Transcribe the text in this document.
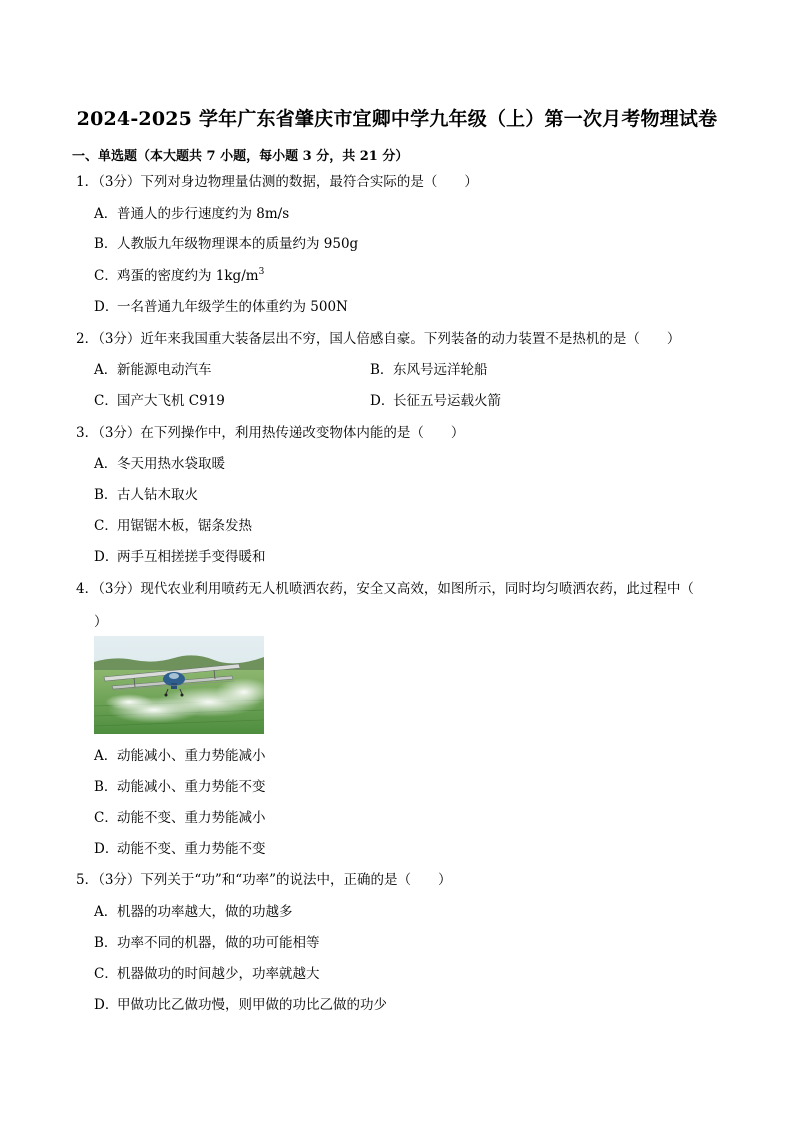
2024-2025 学年广东省肇庆市宜卿中学九年级（上）第一次月考物理试卷
一、单选题（本大题共 7 小题，每小题 3 分，共 21 分）
1．（3分）下列对身边物理量估测的数据，最符合实际的是（　　）
A．普通人的步行速度约为 8m/s
B．人教版九年级物理课本的质量约为 950g
C．鸡蛋的密度约为 $1kg/m^3$
D．一名普通九年级学生的体重约为 500N
2．（3分）近年来我国重大装备层出不穷，国人倍感自豪。下列装备的动力装置不是热机的是（　　）
A．新能源电动汽车	B．东风号远洋轮船
C．国产大飞机 C919	D．长征五号运载火箭
3．（3分）在下列操作中，利用热传递改变物体内能的是（　　）
A．冬天用热水袋取暖
B．古人钻木取火
C．用锯锯木板，锯条发热
D．两手互相搓搓手变得暖和
4．（3分）现代农业利用喷药无人机喷洒农药，安全又高效，如图所示，同时均匀喷洒农药，此过程中（
）
A．动能减小、重力势能减小
B．动能减小、重力势能不变
C．动能不变、重力势能减小
D．动能不变、重力势能不变
5．（3分）下列关于“功”和“功率”的说法中，正确的是（　　）
A．机器的功率越大，做的功越多
B．功率不同的机器，做的功可能相等
C．机器做功的时间越少，功率就越大
D．甲做功比乙做功慢，则甲做的功比乙做的功少
